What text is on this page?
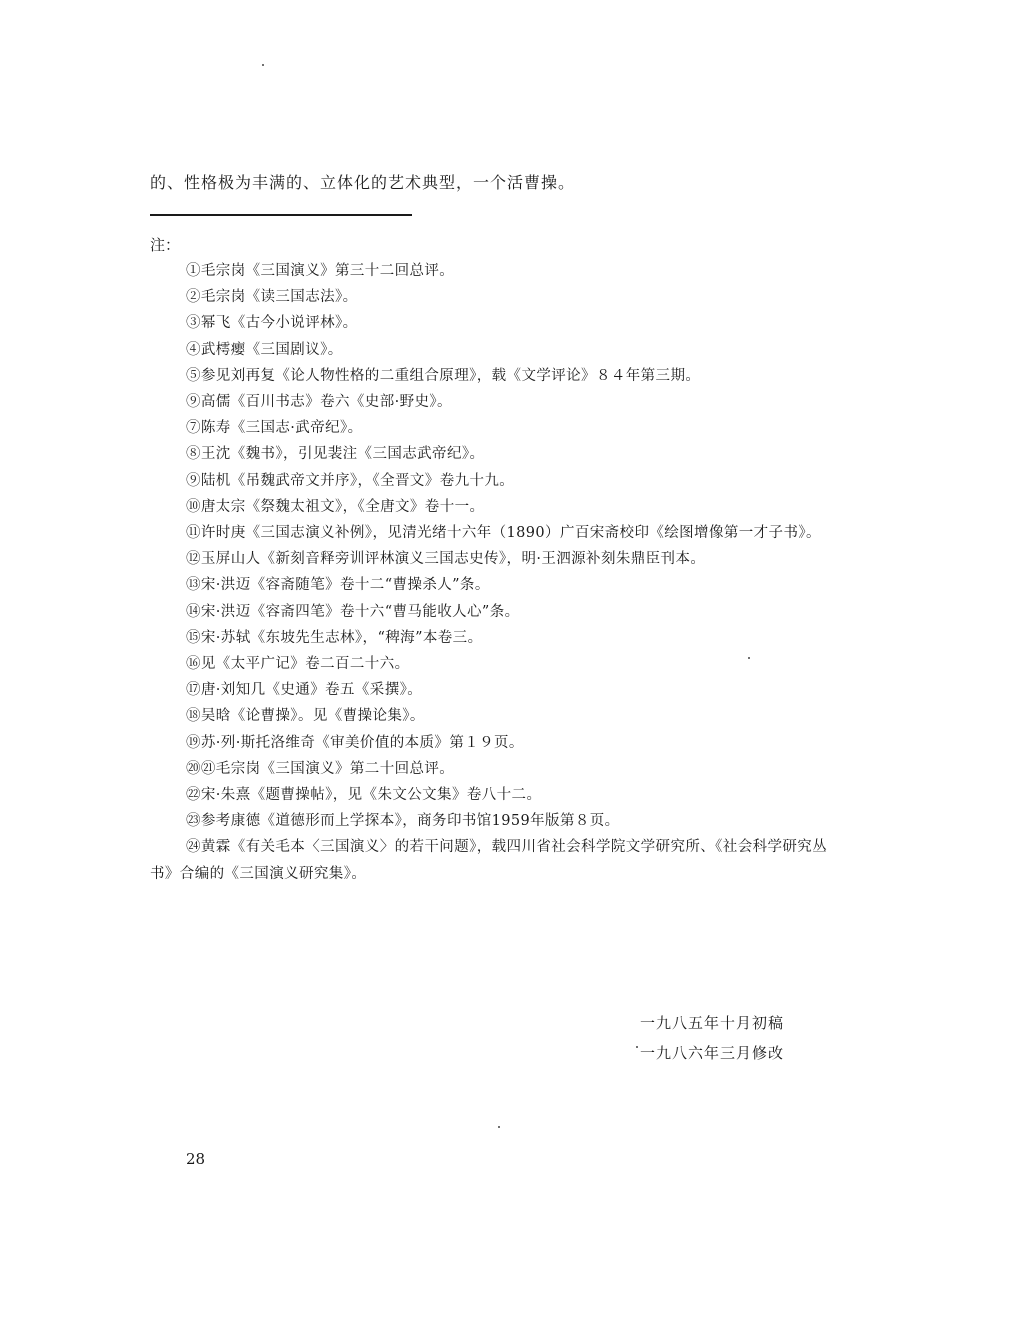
的、性格极为丰满的、立体化的艺术典型，一个活曹操。
注：
①毛宗岗《三国演义》第三十二回总评。
②毛宗岗《读三国志法》。
③幂飞《古今小说评林》。
④武樗瘿《三国剧议》。
⑤参见刘再复《论人物性格的二重组合原理》，载《文学评论》８４年第三期。
⑨高儒《百川书志》卷六《史部·野史》。
⑦陈寿《三国志·武帝纪》。
⑧王沈《魏书》，引见裴注《三国志武帝纪》。
⑨陆机《吊魏武帝文并序》，《全晋文》卷九十九。
⑩唐太宗《祭魏太祖文》，《全唐文》卷十一。
⑪许时庚《三国志演义补例》，见清光绪十六年（1890）广百宋斋校印《绘图增像第一才子书》。
⑫玉屏山人《新刻音释旁训评林演义三国志史传》，明·王泗源补刻朱鼎臣刊本。
⑬宋·洪迈《容斋随笔》卷十二“曹操杀人”条。
⑭宋·洪迈《容斋四笔》卷十六“曹马能收人心”条。
⑮宋·苏轼《东坡先生志林》，“稗海”本卷三。
⑯见《太平广记》卷二百二十六。
⑰唐·刘知几《史通》卷五《采撰》。
⑱吴晗《论曹操》。见《曹操论集》。
⑲苏·列·斯托洛维奇《审美价值的本质》第１９页。
⑳㉑毛宗岗《三国演义》第二十回总评。
㉒宋·朱熹《题曹操帖》，见《朱文公文集》卷八十二。
㉓参考康德《道德形而上学探本》，商务印书馆1959年版第８页。
㉔黄霖《有关毛本〈三国演义〉的若干问题》，载四川省社会科学院文学研究所、《社会科学研究丛书》合编的《三国演义研究集》。
一九八五年十月初稿
一九八六年三月修改
28
